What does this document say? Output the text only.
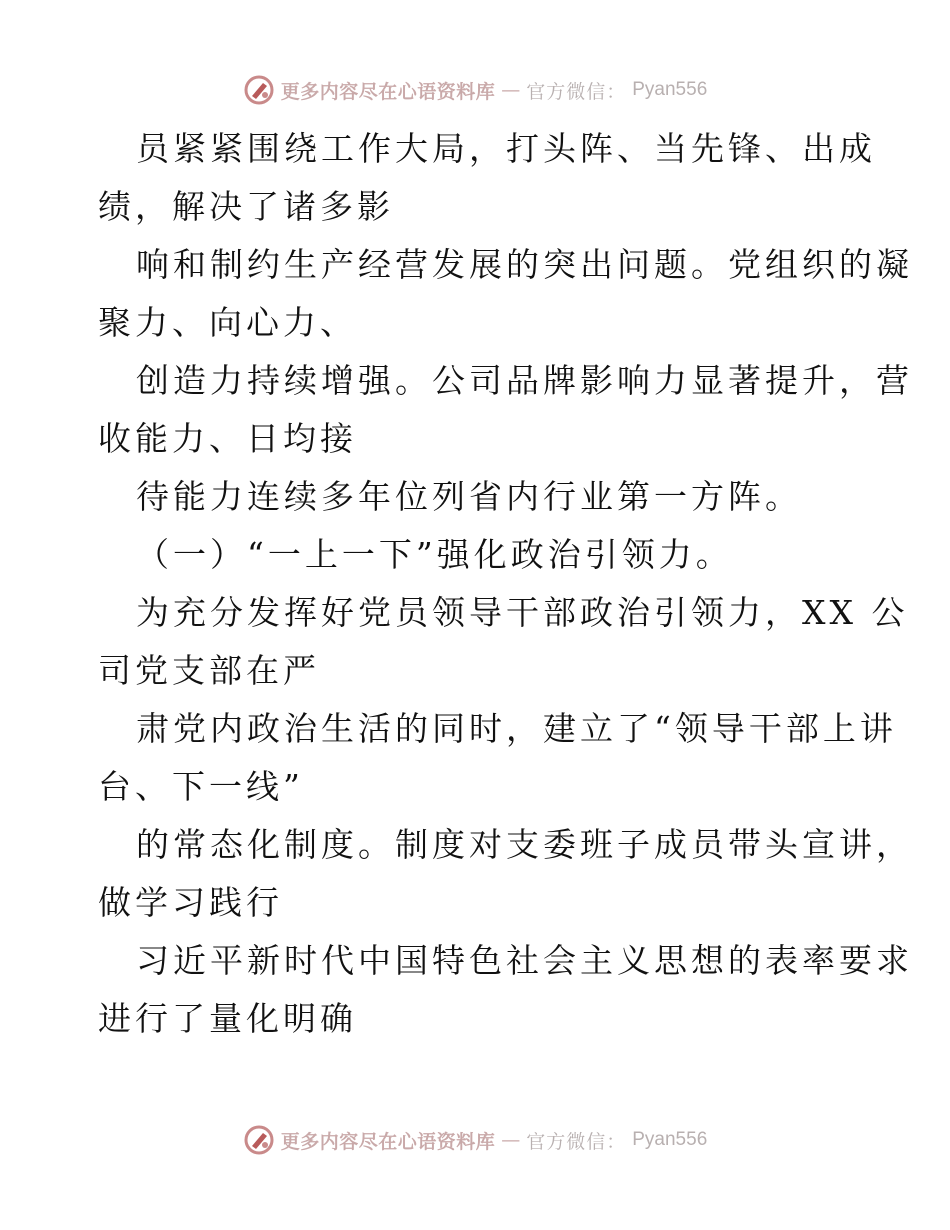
更多内容尽在心语资料库 — 官方微信： Pyan556
员紧紧围绕工作大局，打头阵、当先锋、出成
绩，解决了诸多影
响和制约生产经营发展的突出问题。党组织的凝
聚力、向心力、
创造力持续增强。公司品牌影响力显著提升，营
收能力、日均接
待能力连续多年位列省内行业第一方阵。
（一）“一上一下”强化政治引领力。
为充分发挥好党员领导干部政治引领力，XX 公
司党支部在严
肃党内政治生活的同时，建立了“领导干部上讲
台、下一线”
的常态化制度。制度对支委班子成员带头宣讲，
做学习践行
习近平新时代中国特色社会主义思想的表率要求
进行了量化明确
更多内容尽在心语资料库 — 官方微信： Pyan556
